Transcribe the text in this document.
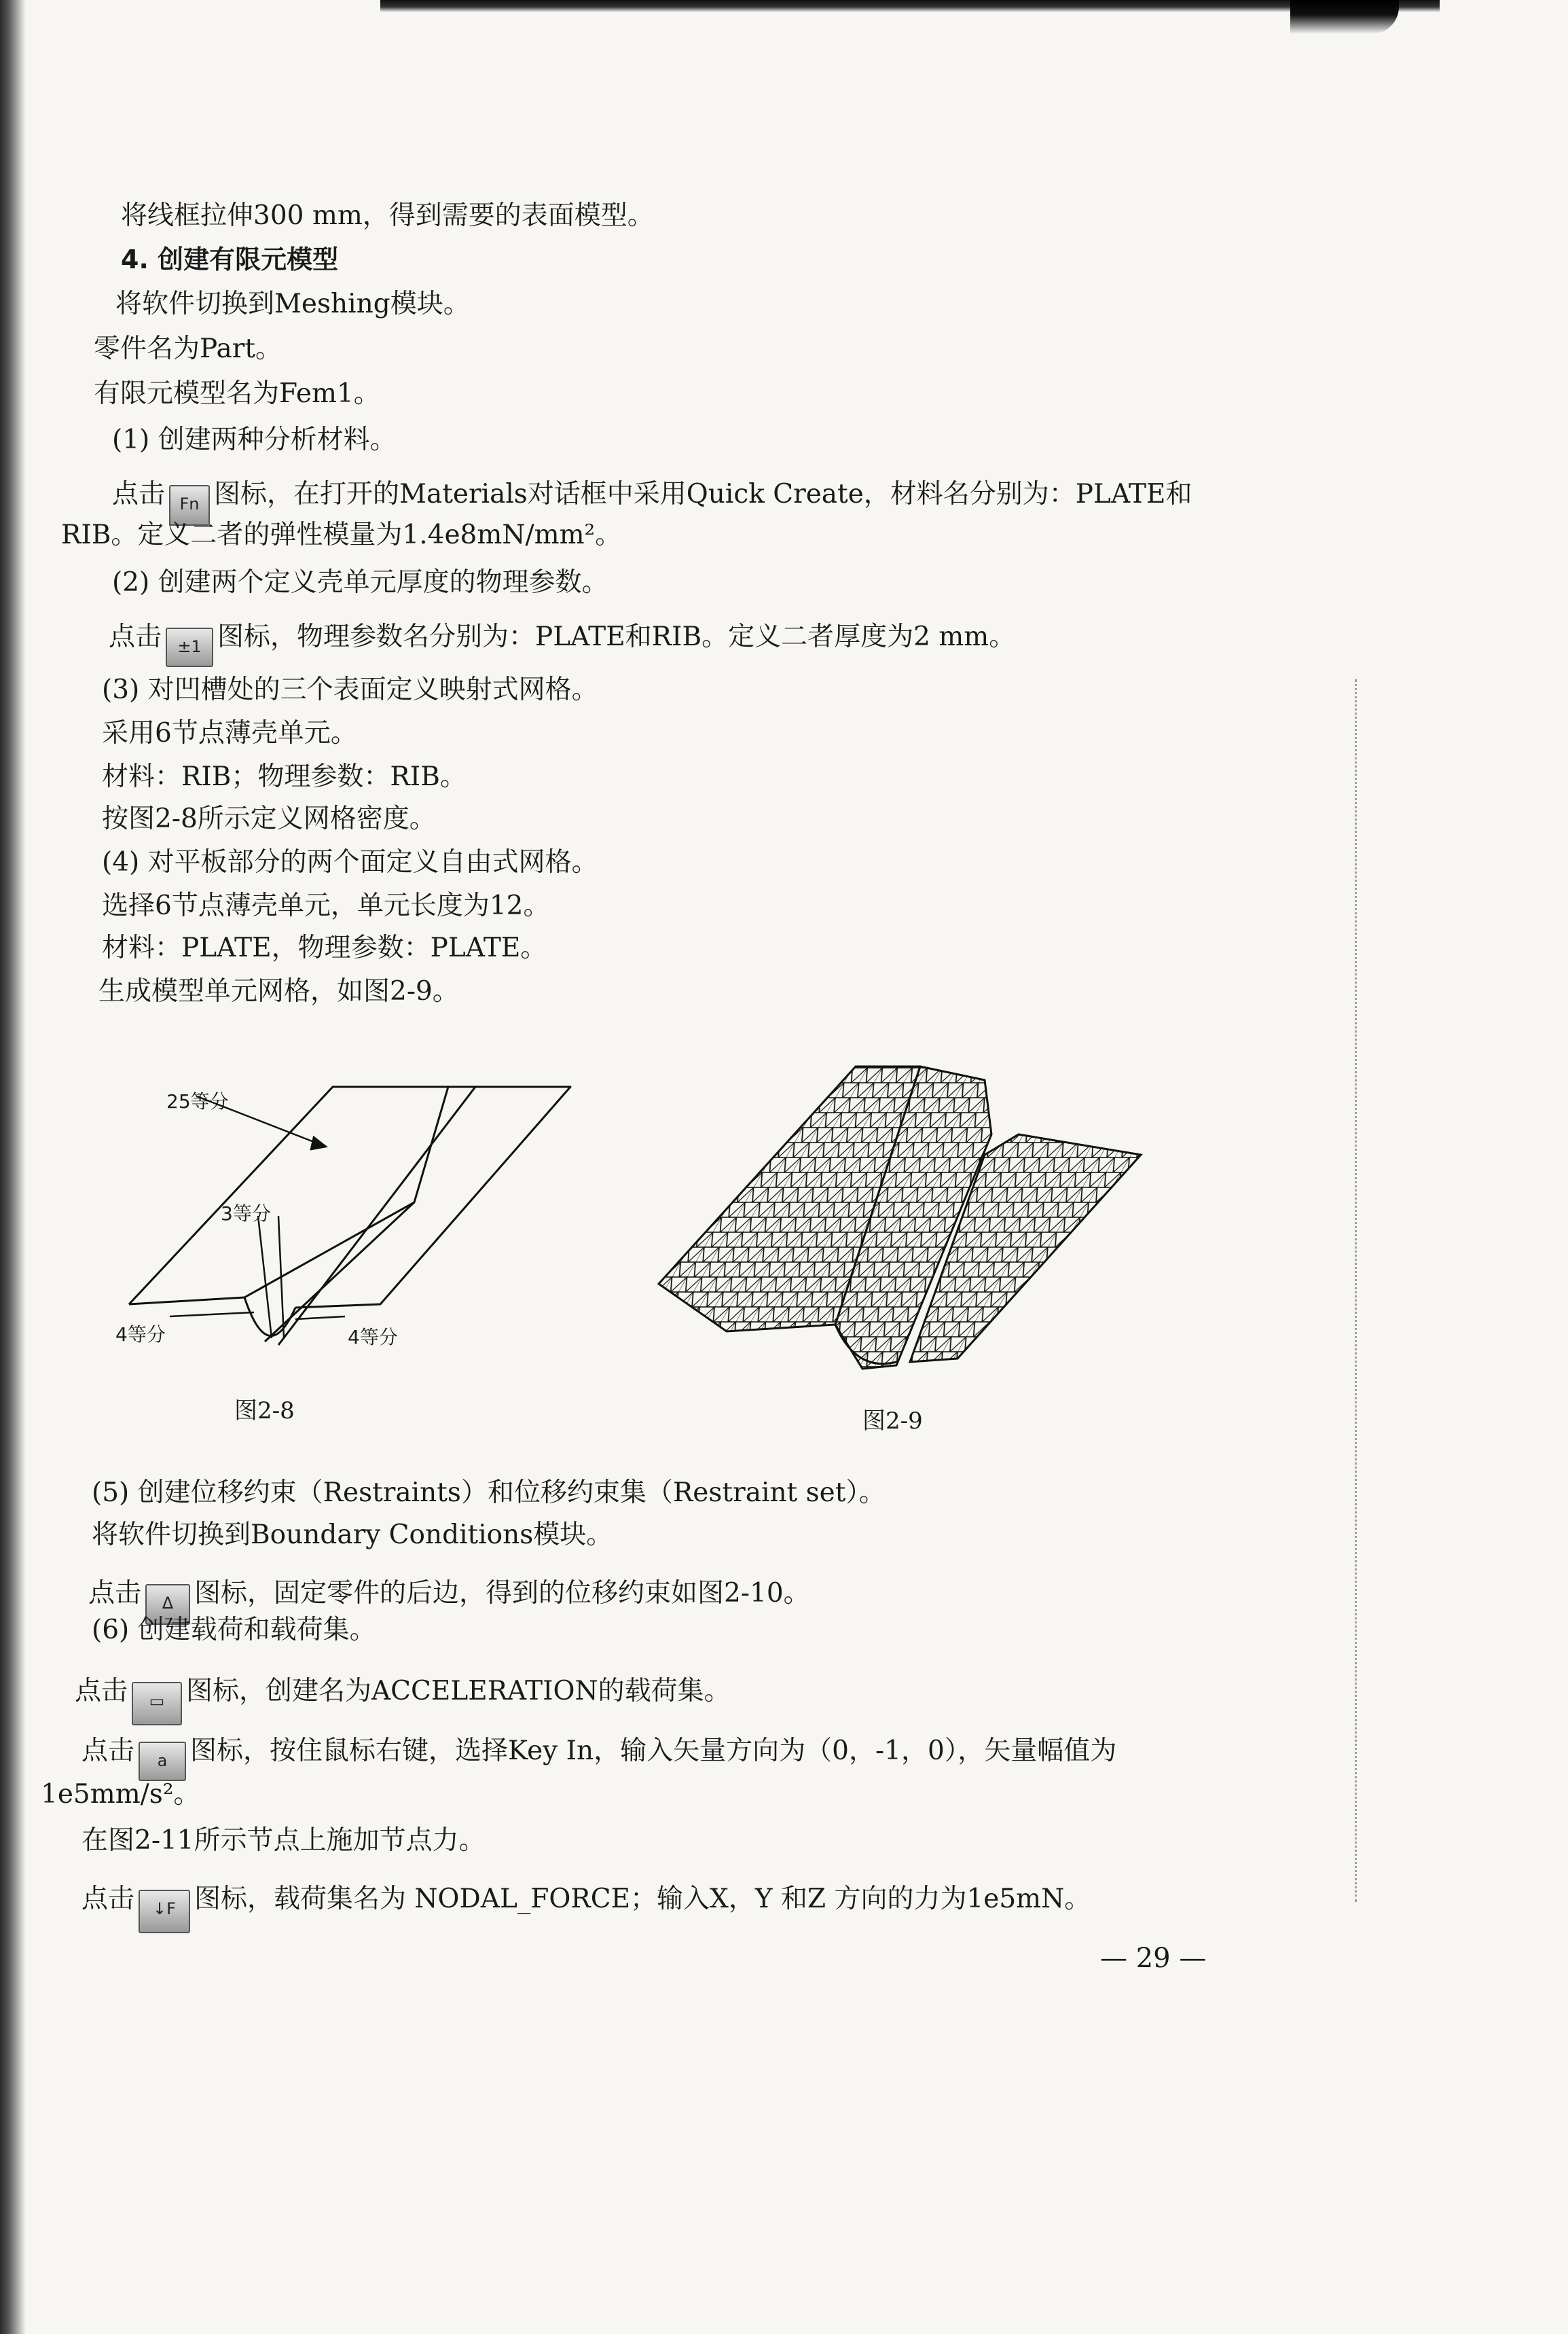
将线框拉伸300 mm，得到需要的表面模型。
4. 创建有限元模型
将软件切换到Meshing模块。
零件名为Part。
有限元模型名为Fem1。
(1) 创建两种分析材料。
点击 Fn 图标，在打开的Materials对话框中采用Quick Create，材料名分别为：PLATE和
RIB。定义二者的弹性模量为1.4e8mN/mm²。
(2) 创建两个定义壳单元厚度的物理参数。
点击 ±1 图标，物理参数名分别为：PLATE和RIB。定义二者厚度为2 mm。
(3) 对凹槽处的三个表面定义映射式网格。
采用6节点薄壳单元。
材料：RIB；物理参数：RIB。
按图2-8所示定义网格密度。
(4) 对平板部分的两个面定义自由式网格。
选择6节点薄壳单元，单元长度为12。
材料：PLATE，物理参数：PLATE。
生成模型单元网格，如图2-9。
25等分
3等分
4等分	4等分
图2-8	图2-9
(5) 创建位移约束（Restraints）和位移约束集（Restraint set）。
将软件切换到Boundary Conditions模块。
点击 Δ 图标，固定零件的后边，得到的位移约束如图2-10。
(6) 创建载荷和载荷集。
点击 ▭ 图标，创建名为ACCELERATION的载荷集。
点击 a 图标，按住鼠标右键，选择Key In，输入矢量方向为（0，-1，0），矢量幅值为
1e5mm/s²。
在图2-11所示节点上施加节点力。
点击 ↓F 图标，载荷集名为 NODAL_FORCE；输入X，Y 和Z 方向的力为1e5mN。
— 29 —
